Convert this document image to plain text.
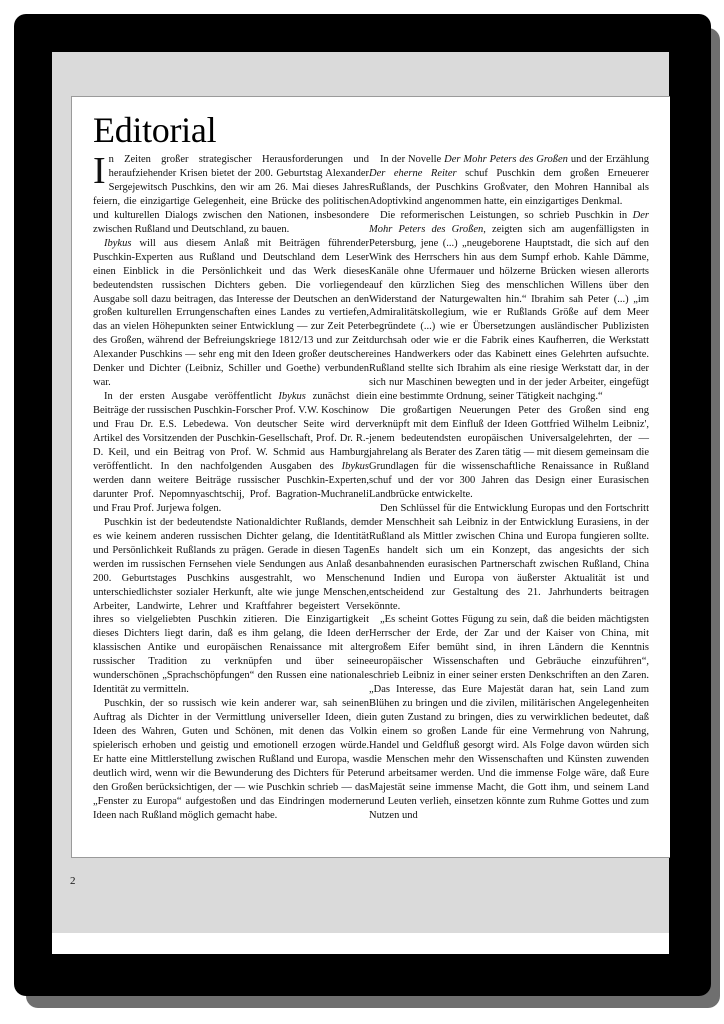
Editorial

In Zeiten großer strategischer Herausforderungen und heraufziehender Krisen bietet der 200. Geburtstag Alexander Sergejewitsch Puschkins, den wir am 26. Mai dieses Jahres feiern, die einzigartige Gelegenheit, eine Brücke des politischen und kulturellen Dialogs zwischen den Nationen, insbesondere zwischen Rußland und Deutschland, zu bauen.

Ibykus will aus diesem Anlaß mit Beiträgen führender Puschkin-Experten aus Rußland und Deutschland dem Leser einen Einblick in die Persönlichkeit und das Werk dieses bedeutendsten russischen Dichters geben. Die vorliegende Ausgabe soll dazu beitragen, das Interesse der Deutschen an den großen kulturellen Errungenschaften eines Landes zu vertiefen, das an vielen Höhepunkten seiner Entwicklung — zur Zeit Peter des Großen, während der Befreiungskriege 1812/13 und zur Zeit Alexander Puschkins — sehr eng mit den Ideen großer deutscher Denker und Dichter (Leibniz, Schiller und Goethe) verbunden war.

In der ersten Ausgabe veröffentlicht Ibykus zunächst die Beiträge der russischen Puschkin-Forscher Prof. V.W. Koschinow und Frau Dr. E.S. Lebedewa. Von deutscher Seite wird der Artikel des Vorsitzenden der Puschkin-Gesellschaft, Prof. Dr. R.-D. Keil, und ein Beitrag von Prof. W. Schmid aus Hamburg veröffentlicht. In den nachfolgenden Ausgaben des Ibykus werden dann weitere Beiträge russischer Puschkin-Experten, darunter Prof. Nepomnyaschtschij, Prof. Bagration-Muchraneli und Frau Prof. Jurjewa folgen.

Puschkin ist der bedeutendste Nationaldichter Rußlands, dem es wie keinem anderen russischen Dichter gelang, die Identität und Persönlichkeit Rußlands zu prägen. Gerade in diesen Tagen werden im russischen Fernsehen viele Sendungen aus Anlaß des 200. Geburtstages Puschkins ausgestrahlt, wo Menschen unterschiedlichster sozialer Herkunft, alte wie junge Menschen, Arbeiter, Landwirte, Lehrer und Kraftfahrer begeistert Verse ihres so vielgeliebten Puschkin zitieren. Die Einzigartigkeit dieses Dichters liegt darin, daß es ihm gelang, die Ideen der klassischen Antike und europäischen Renaissance mit alter russischer Tradition zu verknüpfen und über seine wunderschönen „Sprachschöpfungen“ den Russen eine nationale Identität zu vermitteln.

Puschkin, der so russisch wie kein anderer war, sah seinen Auftrag als Dichter in der Vermittlung universeller Ideen, die Ideen des Wahren, Guten und Schönen, mit denen das Volk spielerisch erhoben und geistig und emotionell erzogen würde. Er hatte eine Mittlerstellung zwischen Rußland und Europa, was deutlich wird, wenn wir die Bewunderung des Dichters für Peter den Großen berücksichtigen, der — wie Puschkin schrieb — das „Fenster zu Europa“ aufgestoßen und das Eindringen moderner Ideen nach Rußland möglich gemacht habe.

In der Novelle Der Mohr Peters des Großen und der Erzählung Der eherne Reiter schuf Puschkin dem großen Erneuerer Rußlands, der Puschkins Großvater, den Mohren Hannibal als Adoptivkind angenommen hatte, ein einzigartiges Denkmal.

Die reformerischen Leistungen, so schrieb Puschkin in Der Mohr Peters des Großen, zeigten sich am augenfälligsten in Petersburg, jene (...) „neugeborene Hauptstadt, die sich auf den Wink des Herrschers hin aus dem Sumpf erhob. Kahle Dämme, Kanäle ohne Ufermauer und hölzerne Brücken wiesen allerorts auf den kürzlichen Sieg des menschlichen Willens über den Widerstand der Naturgewalten hin.“ Ibrahim sah Peter (...) „im Admiralitätskollegium, wie er Rußlands Größe auf dem Meer begründete (...) wie er Übersetzungen ausländischer Publizisten durchsah oder wie er die Fabrik eines Kaufherren, die Werkstatt eines Handwerkers oder das Kabinett eines Gelehrten aufsuchte. Rußland stellte sich Ibrahim als eine riesige Werkstatt dar, in der sich nur Maschinen bewegten und in der jeder Arbeiter, eingefügt in eine bestimmte Ordnung, seiner Tätigkeit nachging.“

Die großartigen Neuerungen Peter des Großen sind eng verknüpft mit dem Einfluß der Ideen Gottfried Wilhelm Leibniz', jenem bedeutendsten europäischen Universalgelehrten, der — jahrelang als Berater des Zaren tätig — mit diesem gemeinsam die Grundlagen für die wissenschaftliche Renaissance in Rußland schuf und der vor 300 Jahren das Design einer Eurasischen Landbrücke entwickelte.

Den Schlüssel für die Entwicklung Europas und den Fortschritt der Menschheit sah Leibniz in der Entwicklung Eurasiens, in der Rußland als Mittler zwischen China und Europa fungieren sollte. Es handelt sich um ein Konzept, das angesichts der sich anbahnenden eurasischen Partnerschaft zwischen Rußland, China und Indien und Europa von äußerster Aktualität ist und entscheidend zur Gestaltung des 21. Jahrhunderts beitragen könnte.

„Es scheint Gottes Fügung zu sein, daß die beiden mächtigsten Herrscher der Erde, der Zar und der Kaiser von China, mit großem Eifer bemüht sind, in ihren Ländern die Kenntnis europäischer Wissenschaften und Gebräuche einzuführen“, schrieb Leibniz in einer seiner ersten Denkschriften an den Zaren. „Das Interesse, das Eure Majestät daran hat, sein Land zum Blühen zu bringen und die zivilen, militärischen Angelegenheiten in guten Zustand zu bringen, dies zu verwirklichen bedeutet, daß in einem so großen Lande für eine Vermehrung von Nahrung, Handel und Geldfluß gesorgt wird. Als Folge davon würden sich die Menschen mehr den Wissenschaften und Künsten zuwenden und arbeitsamer werden. Und die immense Folge wäre, daß Eure Majestät seine immense Macht, die Gott ihm, und seinem Land und Leuten verlieh, einsetzen könnte zum Ruhme Gottes und zum Nutzen und

2
